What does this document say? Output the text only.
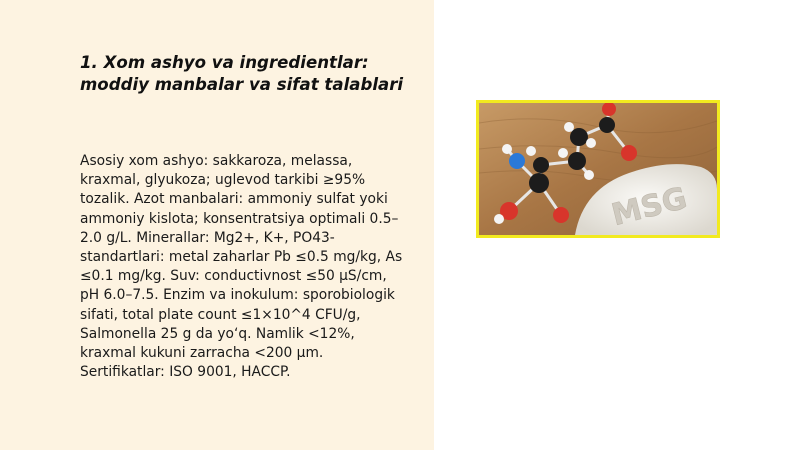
1. Xom ashyo va ingredientlar: moddiy manbalar va sifat talablari

Asosiy xom ashyo: sakkaroza, melassa, kraxmal, glyukoza; uglevod tarkibi ≥95% tozalik. Azot manbalari: ammoniy sulfat yoki ammoniy kislota; konsentratsiya optimali 0.5–2.0 g/L. Minerallar: Mg2+, K+, PO43- standartlari: metal zaharlar Pb ≤0.5 mg/kg, As ≤0.1 mg/kg. Suv: conductivnost ≤50 µS/cm, pH 6.0–7.5. Enzim va inokulum: sporobiologik sifati, total plate count ≤1×10^4 CFU/g, Salmonella 25 g da yo‘q. Namlik <12%, kraxmal kukuni zarracha <200 µm. Sertifikatlar: ISO 9001, HACCP.

MSG
